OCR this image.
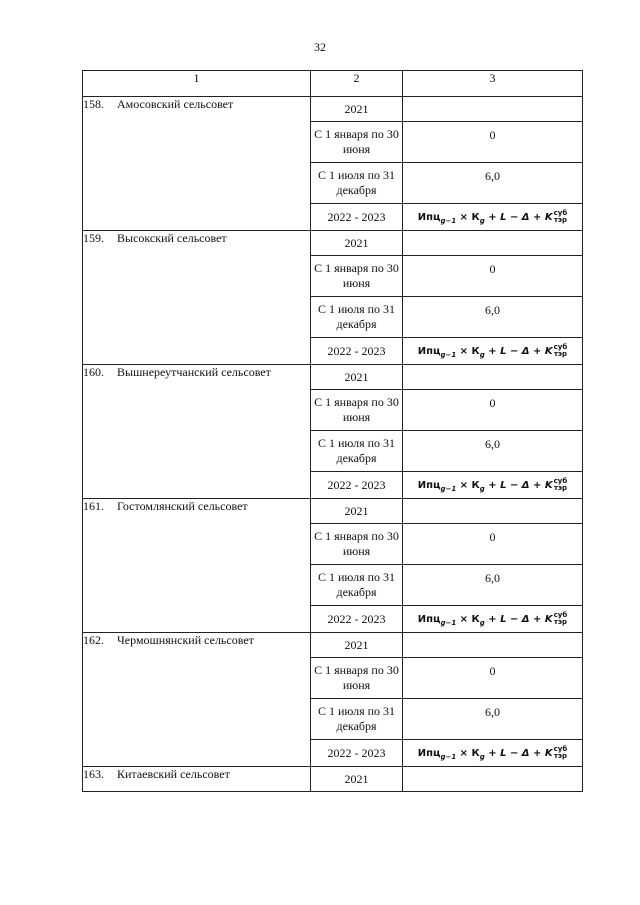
32
1	2	3
158. Амосовский сельсовет	2021	
	С 1 января по 30 июня	0

	С 1 июля по 31 декабря	6,0

	2022 - 2023	$Ипц_{g-1} \times К_g + L - \Delta + K$ суб
тэр

159. Высокский сельсовет	2021	
	С 1 января по 30 июня	0

	С 1 июля по 31 декабря	6,0

	2022 - 2023	$Ипц_{g-1} \times К_g + L - \Delta + K$ суб
тэр

160. Вышнереутчанский сельсовет	2021	
	С 1 января по 30 июня	0

	С 1 июля по 31 декабря	6,0

	2022 - 2023	$Ипц_{g-1} \times К_g + L - \Delta + K$ суб
тэр

161. Гостомлянский сельсовет	2021	
	С 1 января по 30 июня	0

	С 1 июля по 31 декабря	6,0

	2022 - 2023	$Ипц_{g-1} \times К_g + L - \Delta + K$ суб
тэр

162. Чермошнянский сельсовет	2021	
	С 1 января по 30 июня	0

	С 1 июля по 31 декабря	6,0

	2022 - 2023	$Ипц_{g-1} \times К_g + L - \Delta + K$ суб
тэр

163. Китаевский сельсовет	2021	
